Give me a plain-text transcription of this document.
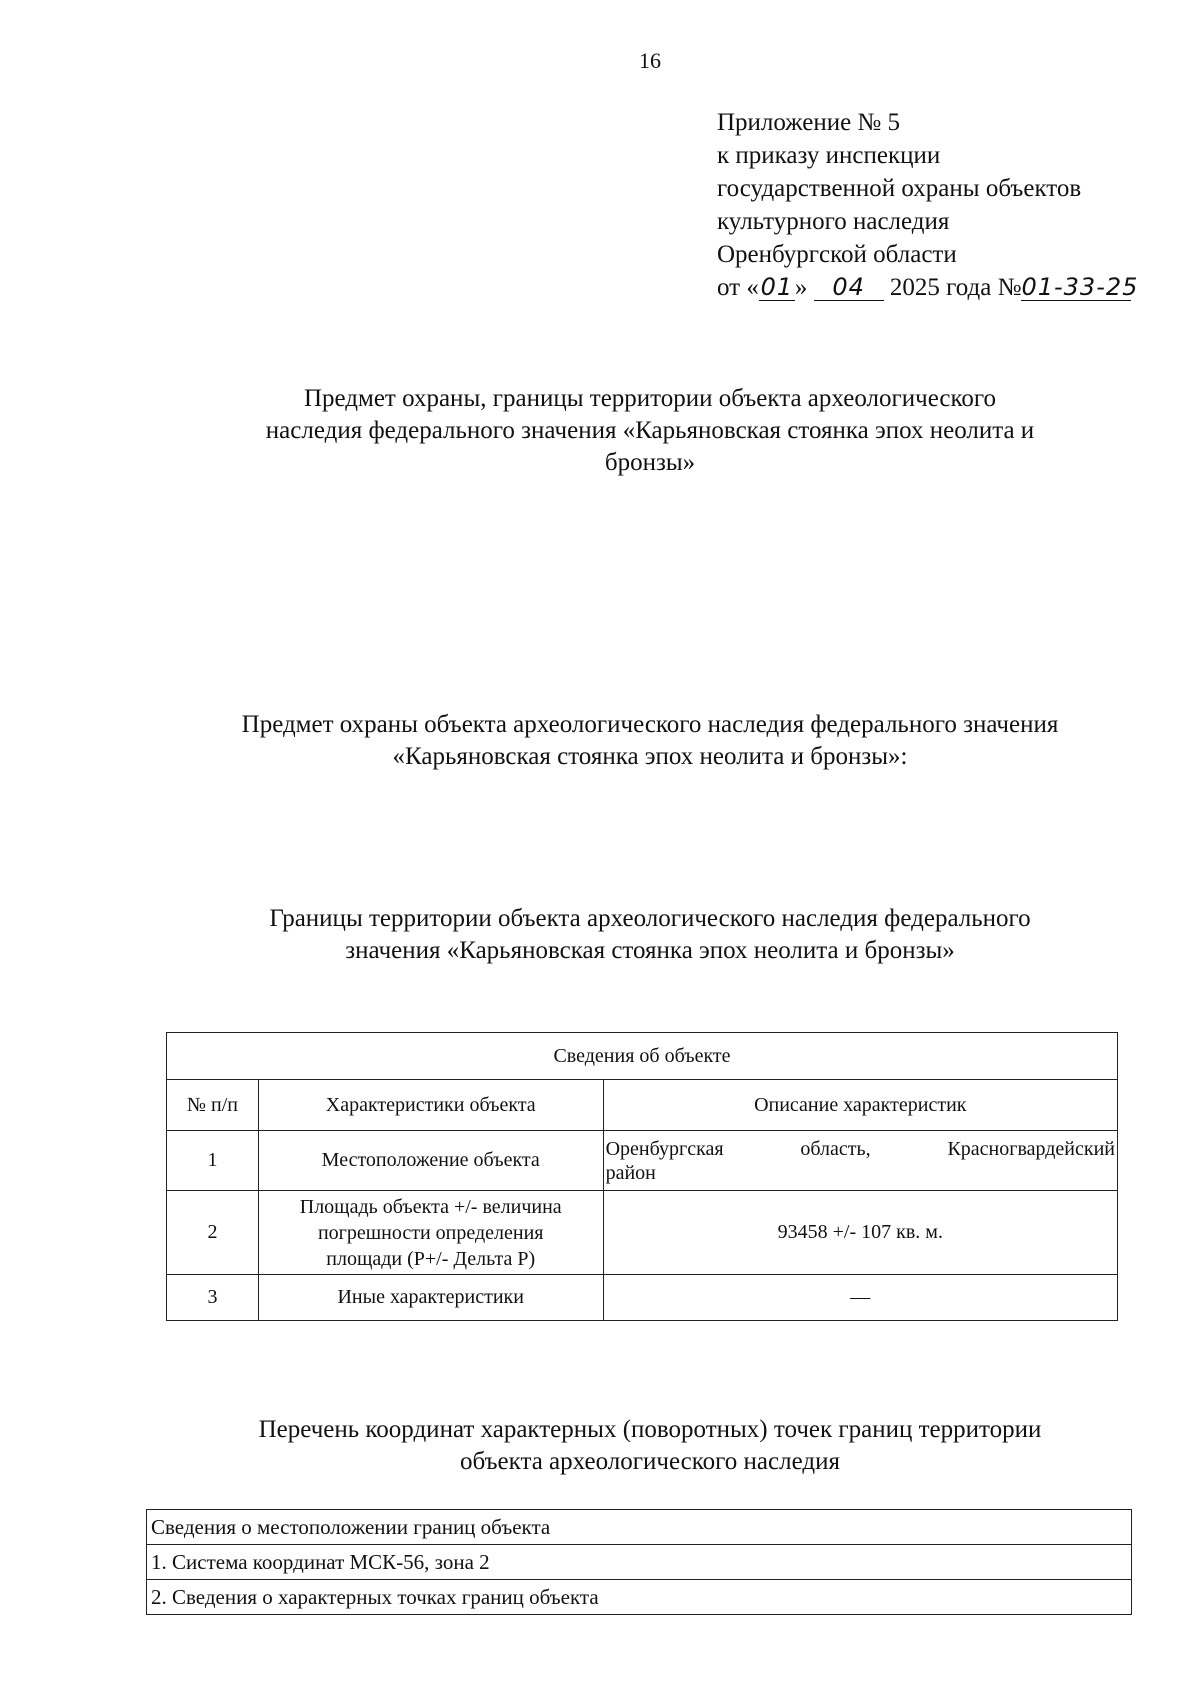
16
Приложение № 5
к приказу инспекции
государственной охраны объектов
культурного наследия
Оренбургской области
от «01» 04 2025 года №01-33-25
Предмет охраны, границы территории объекта археологического
наследия федерального значения «Карьяновская стоянка эпох неолита и
бронзы»
Предмет охраны объекта археологического наследия федерального значения
«Карьяновская стоянка эпох неолита и бронзы»:
Границы территории объекта археологического наследия федерального
значения «Карьяновская стоянка эпох неолита и бронзы»
Сведения об объекте		
№ п/п	Характеристики объекта	Описание характеристик
1	Местоположение объекта	Оренбургская область, Красногвардейский
район

2	Площадь объекта +/- величина
погрешности определения
площади (Р+/- Дельта Р)	93458 +/- 107 кв. м.
3	Иные характеристики	—
Перечень координат характерных (поворотных) точек границ территории
объекта археологического наследия
Сведения о местоположении границ объекта
1. Система координат МСК-56, зона 2
2. Сведения о характерных точках границ объекта
